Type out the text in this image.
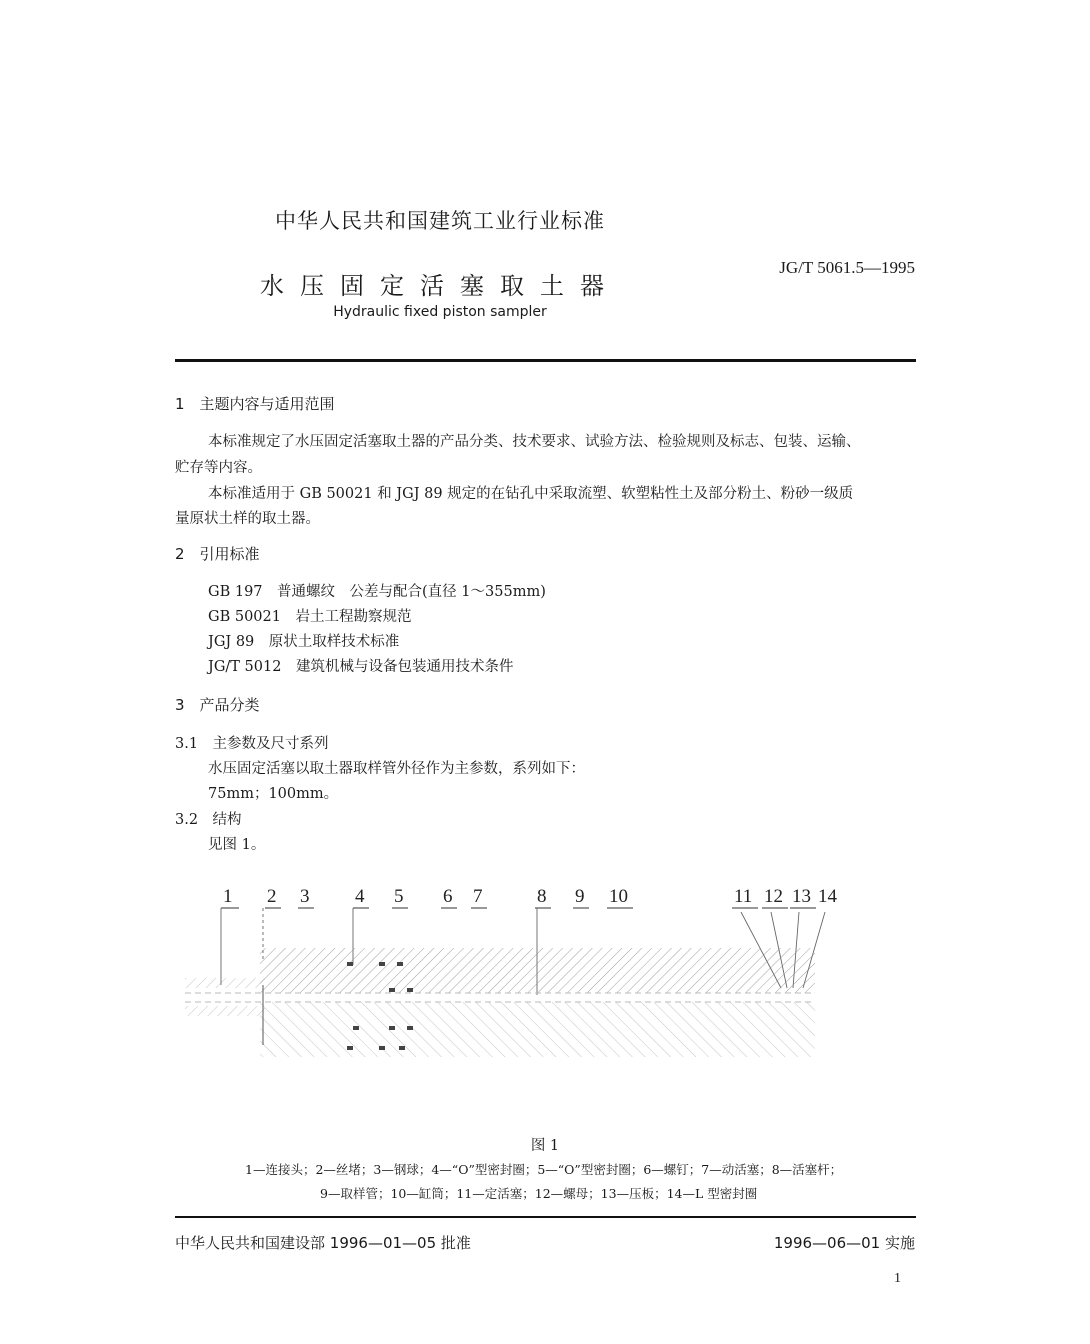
中华人民共和国建筑工业行业标准
JG/T 5061.5—1995
水压固定活塞取土器
Hydraulic fixed piston sampler
1　主题内容与适用范围
本标准规定了水压固定活塞取土器的产品分类、技术要求、试验方法、检验规则及标志、包装、运输、
贮存等内容。
本标准适用于 GB 50021 和 JGJ 89 规定的在钻孔中采取流塑、软塑粘性土及部分粉土、粉砂一级质
量原状土样的取土器。
2　引用标准
GB 197　普通螺纹　公差与配合(直径 1～355mm)
GB 50021　岩土工程勘察规范
JGJ 89　原状土取样技术标准
JG/T 5012　建筑机械与设备包装通用技术条件
3　产品分类
3.1　主参数及尺寸系列
水压固定活塞以取土器取样管外径作为主参数，系列如下：
75mm；100mm。
3.2　结构
见图 1。
1 2 3 4 5 6 7	8 9 10	11 12 13 14
图 1
1—连接头；2—丝堵；3—钢球；4—“O”型密封圈；5—“O”型密封圈；6—螺钉；7—动活塞；8—活塞杆；
9—取样管；10—缸筒；11—定活塞；12—螺母；13—压板；14—L 型密封圈
中华人民共和国建设部 1996—01—05 批准	1996—06—01 实施
1
